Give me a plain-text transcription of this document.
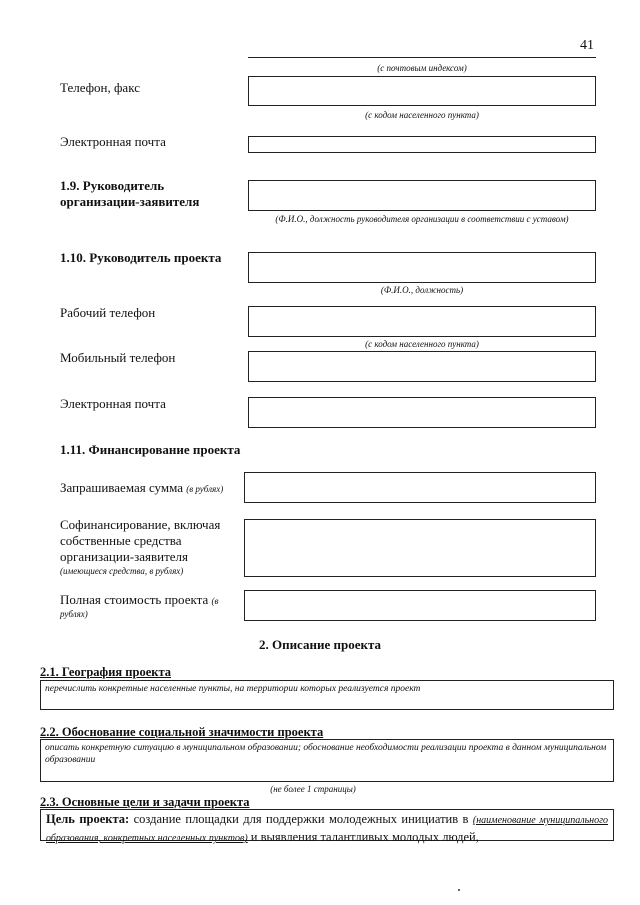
41
(с почтовым индексом)
Телефон, факс
(с кодом населенного пункта)
Электронная почта
1.9. Руководитель
организации-заявителя
(Ф.И.О., должность руководителя организации в соответствии с уставом)
1.10. Руководитель проекта
(Ф.И.О., должность)
Рабочий телефон
(с кодом населенного пункта)
Мобильный телефон
Электронная почта
1.11. Финансирование проекта
Запрашиваемая сумма (в рублях)
Софинансирование, включая
собственные средства
организации-заявителя
(имеющиеся средства, в рублях)
Полная стоимость проекта (в
рублях)
2. Описание проекта
2.1. География проекта
перечислить конкретные населенные пункты, на территории которых реализуется проект
2.2. Обоснование социальной значимости проекта
описать конкретную ситуацию в муниципальном образовании; обоснование необходимости реализации проекта в данном муниципальном образовании
(не более 1 страницы)
2.3. Основные цели и задачи проекта
Цель проекта: создание площадки для поддержки молодежных инициатив в (наименование муниципального образования, конкретных населенных пунктов) и выявления талантливых молодых людей,
